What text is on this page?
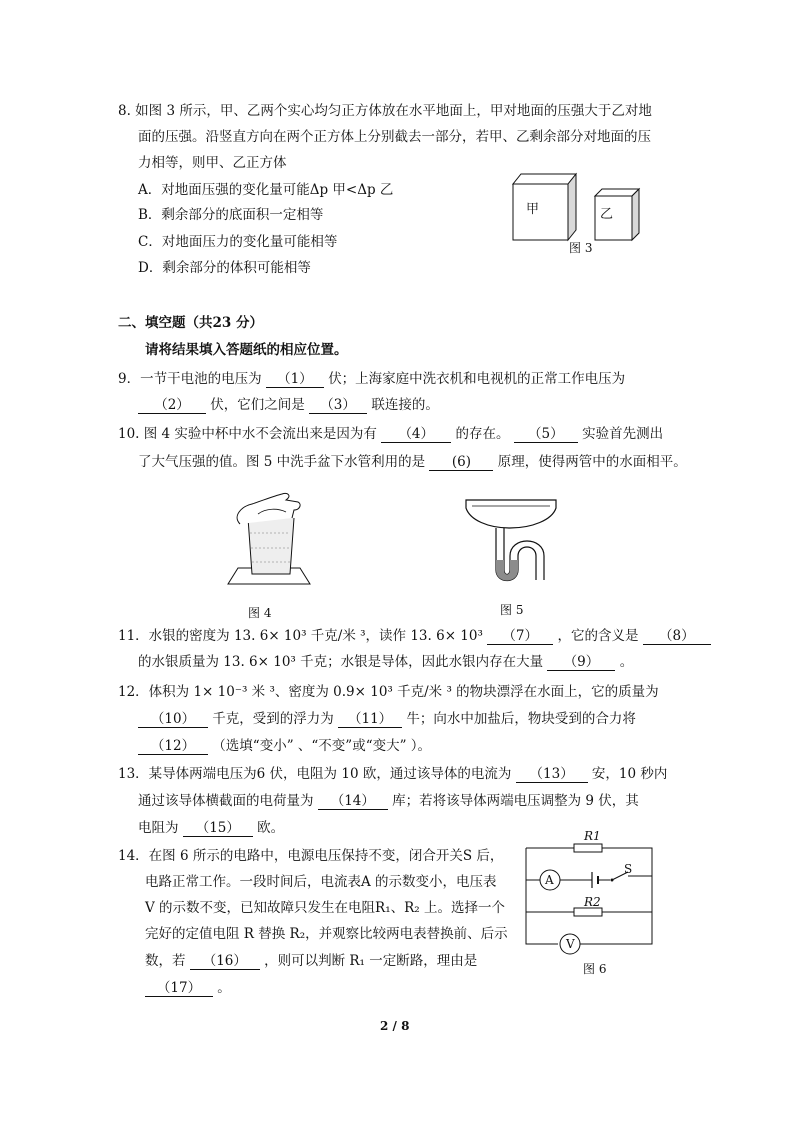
8. 如图 3 所示，甲、乙两个实心均匀正方体放在水平地面上，甲对地面的压强大于乙对地
面的压强。沿竖直方向在两个正方体上分别截去一部分，若甲、乙剩余部分对地面的压
力相等，则甲、乙正方体
A．对地面压强的变化量可能Δp 甲<Δp 乙
B．剩余部分的底面积一定相等
C．对地面压力的变化量可能相等
D．剩余部分的体积可能相等
甲	乙
图 3
二、填空题（共23 分）
请将结果填入答题纸的相应位置。
9．一节干电池的电压为 （1） 伏；上海家庭中洗衣机和电视机的正常工作电压为
（2） 伏，它们之间是 （3） 联连接的。
10. 图 4 实验中杯中水不会流出来是因为有 （4） 的存在。 （5） 实验首先测出
了大气压强的值。图 5 中洗手盆下水管利用的是 (6) 原理，使得两管中的水面相平。
图 4	图 5
11．水银的密度为 13. 6× 10³ 千克/米 ³，读作 13. 6× 10³ （7） ，它的含义是 （8）
的水银质量为 13. 6× 10³ 千克；水银是导体，因此水银内存在大量 （9） 。
12．体积为 1× 10⁻³ 米 ³、密度为 0.9× 10³ 千克/米 ³ 的物块漂浮在水面上，它的质量为
（10） 千克，受到的浮力为 （11） 牛；向水中加盐后，物块受到的合力将
（12） （选填“变小” 、“不变”或“变大” ）。
13．某导体两端电压为6 伏，电阻为 10 欧，通过该导体的电流为 （13） 安，10 秒内
通过该导体横截面的电荷量为 （14） 库；若将该导体两端电压调整为 9 伏，其
电阻为 （15） 欧。
14．在图 6 所示的电路中，电源电压保持不变，闭合开关S 后，
电路正常工作。一段时间后，电流表A 的示数变小，电压表
V 的示数不变，已知故障只发生在电阻R₁、R₂ 上。选择一个
完好的定值电阻 R 替换 R₂，并观察比较两电表替换前、后示
数，若 （16） ，则可以判断 R₁ 一定断路，理由是
（17） 。
R1
A
S
R2
V
图 6
2 / 8
